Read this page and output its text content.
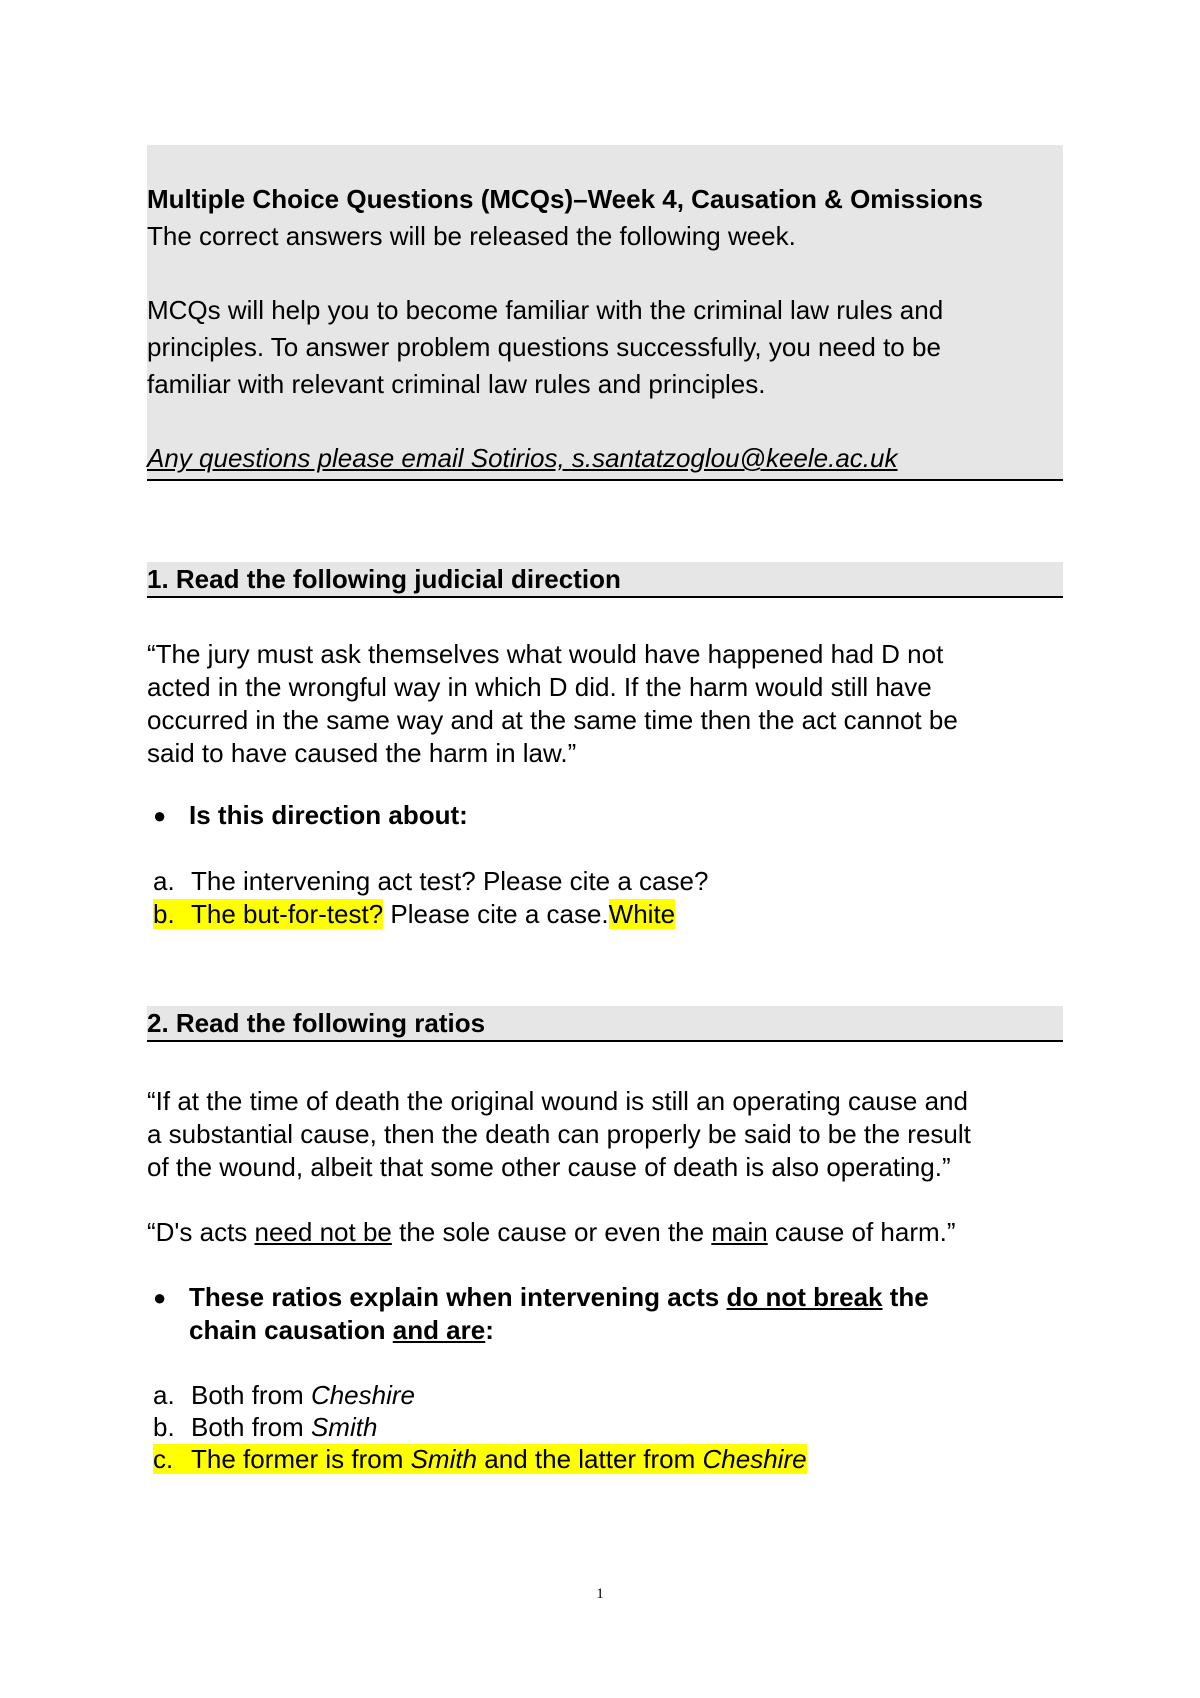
Multiple Choice Questions (MCQs)–Week 4, Causation & Omissions

The correct answers will be released the following week.

MCQs will help you to become familiar with the criminal law rules and

principles. To answer problem questions successfully, you need to be

familiar with relevant criminal law rules and principles.

Any questions please email Sotirios, s.santatzoglou@keele.ac.uk

1. Read the following judicial direction

“The jury must ask themselves what would have happened had D not

acted in the wrongful way in which D did. If the harm would still have

occurred in the same way and at the same time then the act cannot be

said to have caused the harm in law.”

● Is this direction about:
a. The intervening act test? Please cite a case?
b. The but-for-test? Please cite a case.White
2. Read the following ratios

“If at the time of death the original wound is still an operating cause and

a substantial cause, then the death can properly be said to be the result

of the wound, albeit that some other cause of death is also operating.”

“D's acts need not be the sole cause or even the main cause of harm.”

● These ratios explain when intervening acts do not break the
chain causation and are:
a. Both from Cheshire
b. Both from Smith
c. The former is from Smith and the latter from Cheshire
1
